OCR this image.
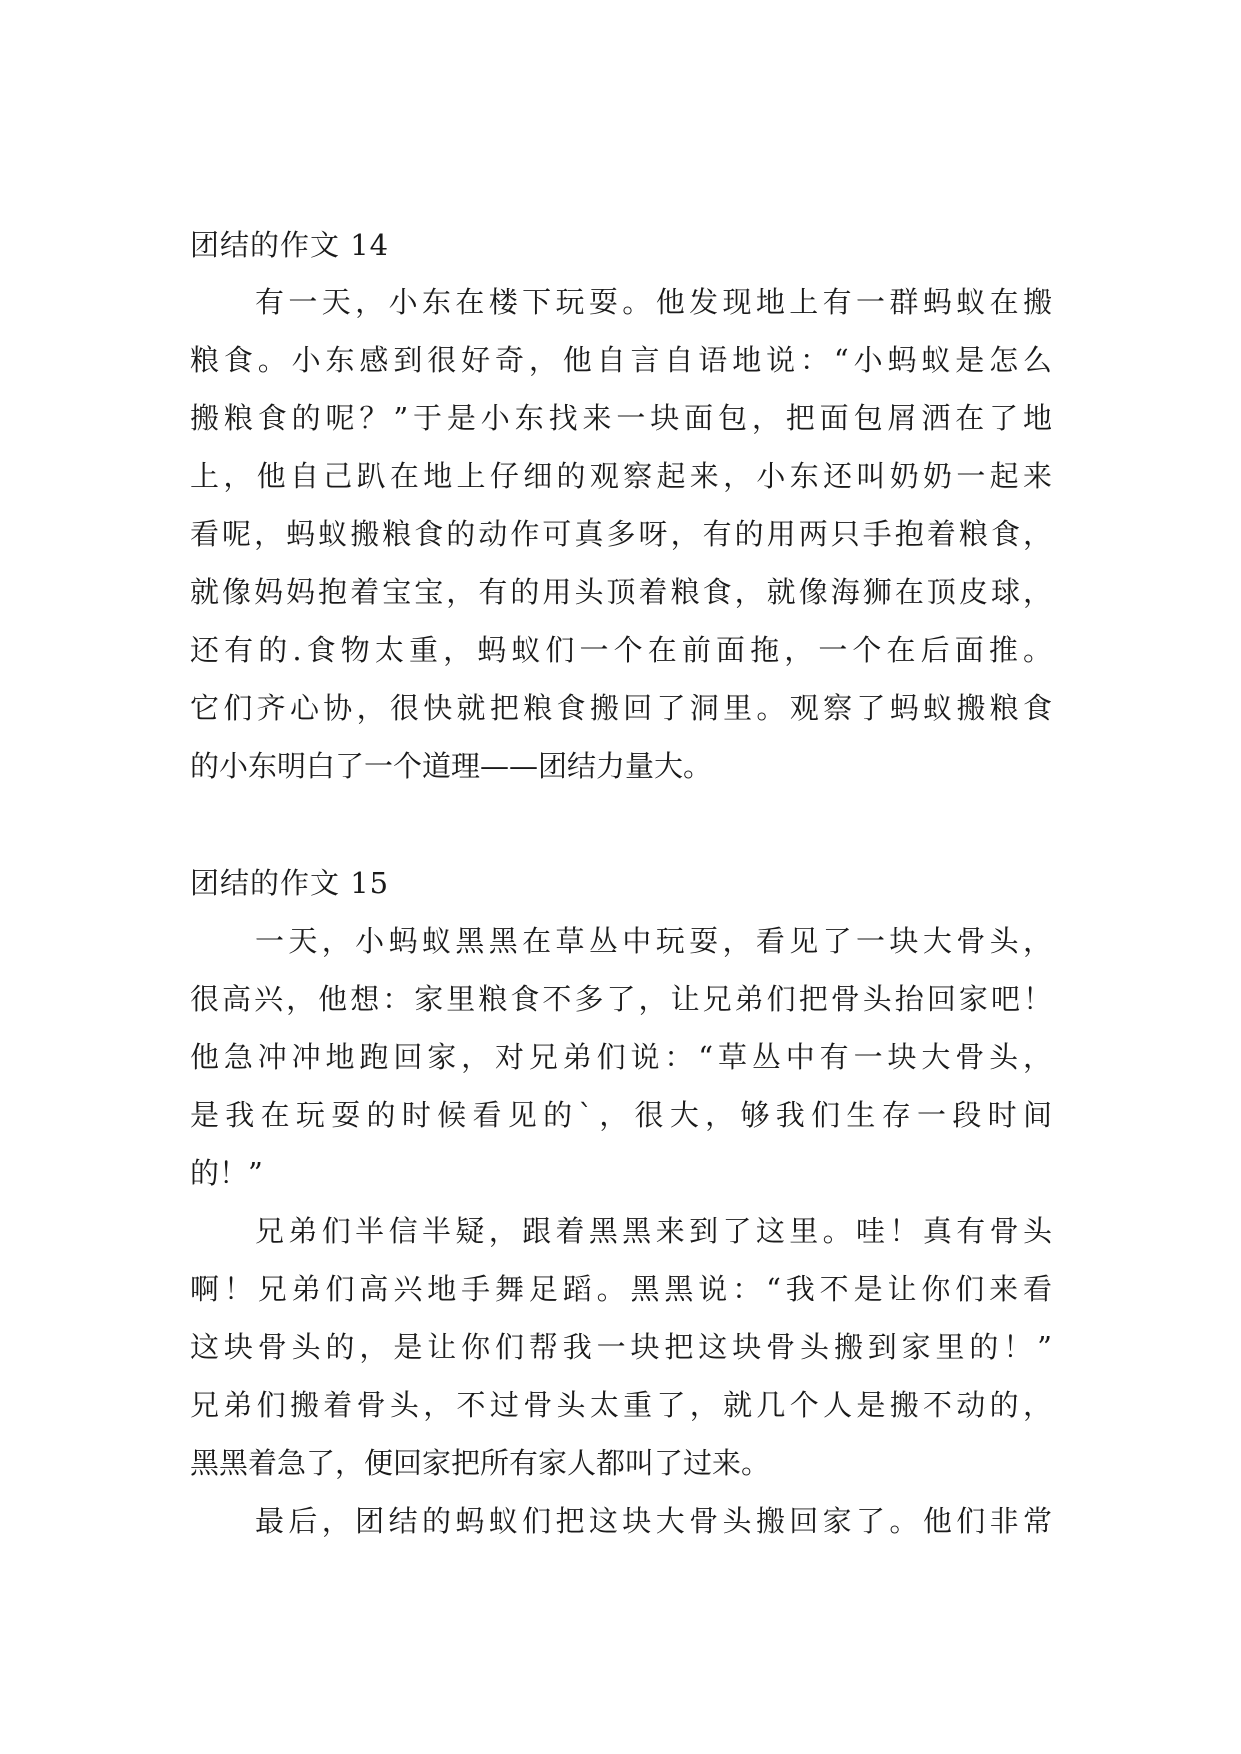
团结的作文 14
有一天，小东在楼下玩耍。他发现地上有一群蚂蚁在搬
粮食。小东感到很好奇，他自言自语地说：“小蚂蚁是怎么
搬粮食的呢？”于是小东找来一块面包，把面包屑洒在了地
上，他自己趴在地上仔细的观察起来，小东还叫奶奶一起来
看呢，蚂蚁搬粮食的动作可真多呀，有的用两只手抱着粮食，
就像妈妈抱着宝宝，有的用头顶着粮食，就像海狮在顶皮球，
还有的.食物太重，蚂蚁们一个在前面拖，一个在后面推。
它们齐心协，很快就把粮食搬回了洞里。观察了蚂蚁搬粮食
的小东明白了一个道理——团结力量大。
团结的作文 15
一天，小蚂蚁黑黑在草丛中玩耍，看见了一块大骨头，
很高兴，他想：家里粮食不多了，让兄弟们把骨头抬回家吧！
他急冲冲地跑回家，对兄弟们说：“草丛中有一块大骨头，
是我在玩耍的时候看见的`，很大，够我们生存一段时间
的！”
兄弟们半信半疑，跟着黑黑来到了这里。哇！真有骨头
啊！兄弟们高兴地手舞足蹈。黑黑说：“我不是让你们来看
这块骨头的，是让你们帮我一块把这块骨头搬到家里的！”
兄弟们搬着骨头，不过骨头太重了，就几个人是搬不动的，
黑黑着急了，便回家把所有家人都叫了过来。
最后，团结的蚂蚁们把这块大骨头搬回家了。他们非常
